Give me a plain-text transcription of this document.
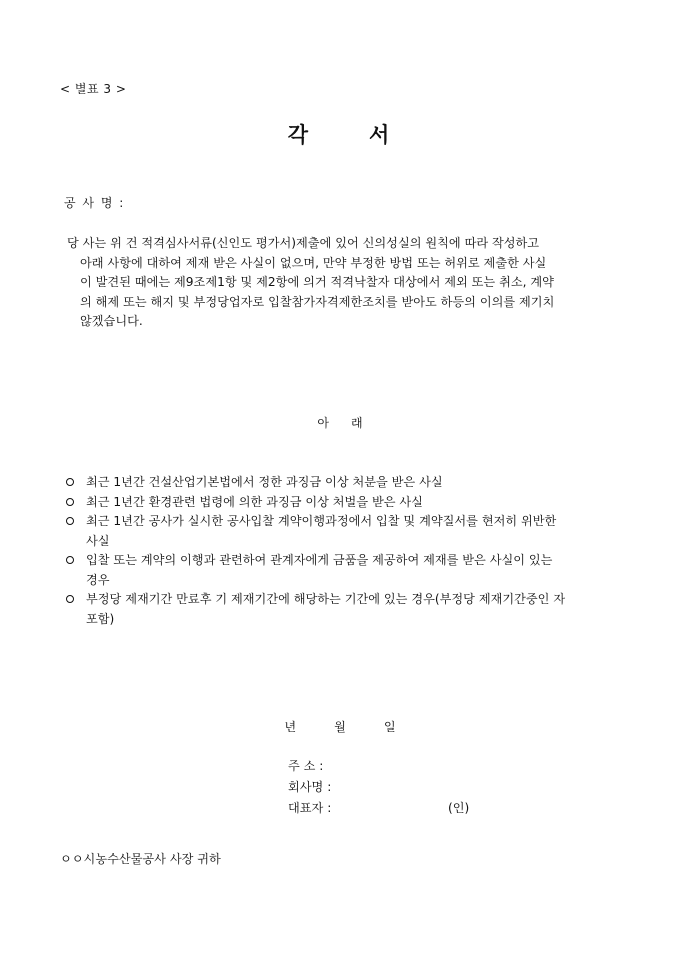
< 별표 3 >
각	서
공 사 명 :
당 사는 위 건 적격심사서류(신인도 평가서)제출에 있어 신의성실의 원칙에 따라 작성하고
아래 사항에 대하여 제재 받은 사실이 없으며, 만약 부정한 방법 또는 허위로 제출한 사실
이 발견된 때에는 제9조제1항 및 제2항에 의거 적격낙찰자 대상에서 제외 또는 취소, 계약
의 해제 또는 해지 및 부정당업자로 입찰참가자격제한조치를 받아도 하등의 이의를 제기치
않겠습니다.
아 래
최근 1년간 건설산업기본법에서 정한 과징금 이상 처분을 받은 사실
최근 1년간 환경관련 법령에 의한 과징금 이상 처벌을 받은 사실
최근 1년간 공사가 실시한 공사입찰 계약이행과정에서 입찰 및 계약질서를 현저히 위반한
사실
입찰 또는 계약의 이행과 관련하여 관계자에게 금품을 제공하여 제재를 받은 사실이 있는
경우
부정당 제재기간 만료후 기 제재기간에 해당하는 기간에 있는 경우(부정당 제재기간중인 자
포함)
년	월	일
주 소 :
회사명 :
대표자 :	(인)
ㅇㅇ시농수산물공사 사장 귀하
